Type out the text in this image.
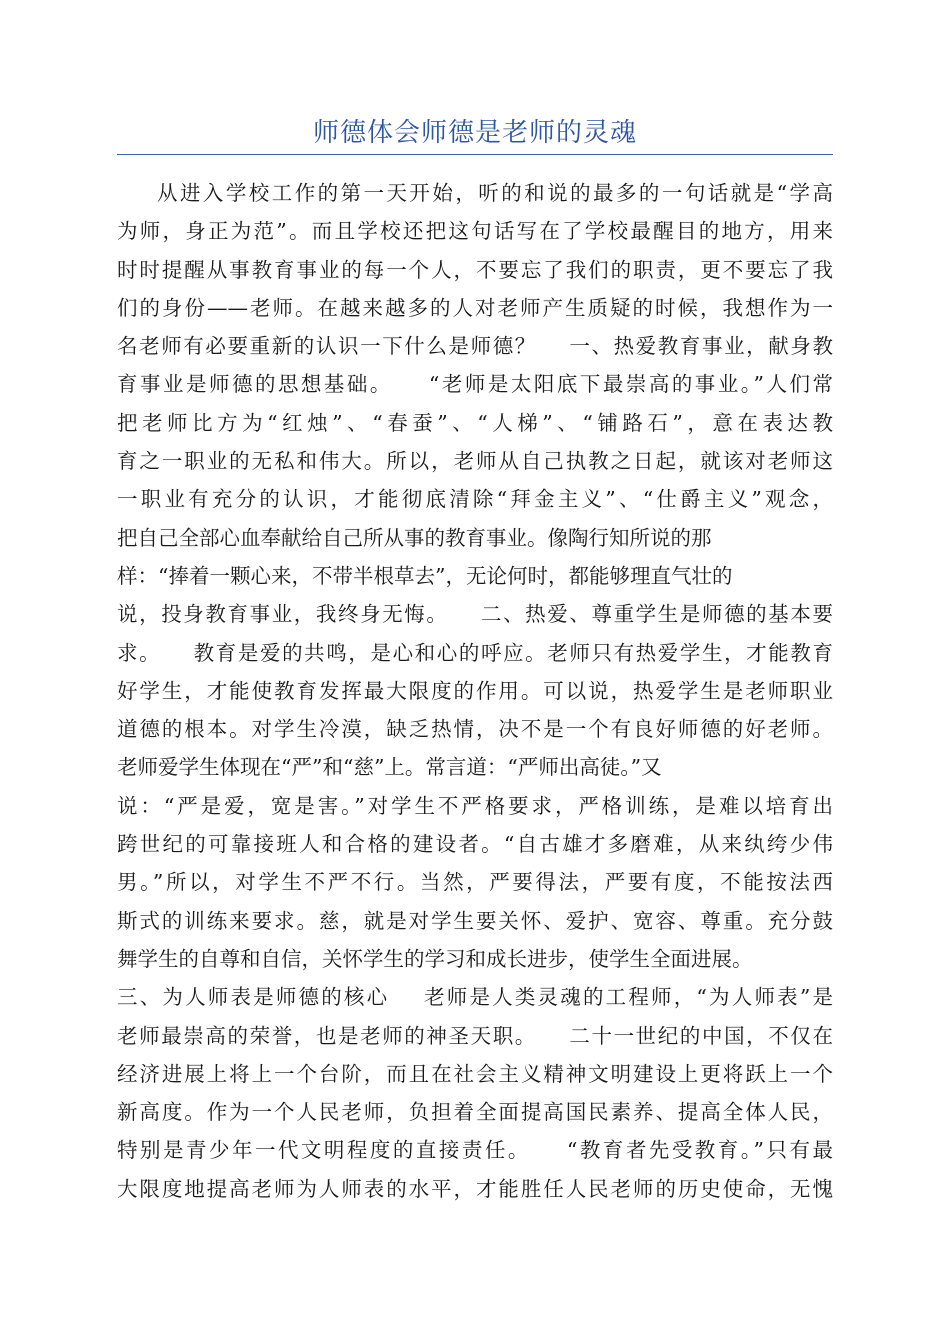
师德体会师德是老师的灵魂
从进入学校工作的第一天开始，听的和说的最多的一句话就是“学高
为师，身正为范”。而且学校还把这句话写在了学校最醒目的地方，用来
时时提醒从事教育事业的每一个人，不要忘了我们的职责，更不要忘了我
们的身份——老师。在越来越多的人对老师产生质疑的时候，我想作为一
名老师有必要重新的认识一下什么是师德？    一、热爱教育事业，献身教
育事业是师德的思想基础。    “老师是太阳底下最崇高的事业。”人们常
把老师比方为“红烛”、“春蚕”、“人梯”、“铺路石”，意在表达教
育之一职业的无私和伟大。所以，老师从自己执教之日起，就该对老师这
一职业有充分的认识，才能彻底清除“拜金主义”、“仕爵主义”观念，
把自己全部心血奉献给自己所从事的教育事业。像陶行知所说的那
样：“捧着一颗心来，不带半根草去”，无论何时，都能够理直气壮的
说，投身教育事业，我终身无悔。    二、热爱、尊重学生是师德的基本要
求。    教育是爱的共鸣，是心和心的呼应。老师只有热爱学生，才能教育
好学生，才能使教育发挥最大限度的作用。可以说，热爱学生是老师职业
道德的根本。对学生冷漠，缺乏热情，决不是一个有良好师德的好老师。
老师爱学生体现在“严”和“慈”上。常言道：“严师出高徒。”又
说：“严是爱，宽是害。”对学生不严格要求，严格训练，是难以培育出
跨世纪的可靠接班人和合格的建设者。“自古雄才多磨难，从来纨绔少伟
男。”所以，对学生不严不行。当然，严要得法，严要有度，不能按法西
斯式的训练来要求。慈，就是对学生要关怀、爱护、宽容、尊重。充分鼓
舞学生的自尊和自信，关怀学生的学习和成长进步，使学生全面进展。
三、为人师表是师德的核心    老师是人类灵魂的工程师，“为人师表”是
老师最崇高的荣誉，也是老师的神圣天职。    二十一世纪的中国，不仅在
经济进展上将上一个台阶，而且在社会主义精神文明建设上更将跃上一个
新高度。作为一个人民老师，负担着全面提高国民素养、提高全体人民，
特别是青少年一代文明程度的直接责任。    “教育者先受教育。”只有最
大限度地提高老师为人师表的水平，才能胜任人民老师的历史使命，无愧
